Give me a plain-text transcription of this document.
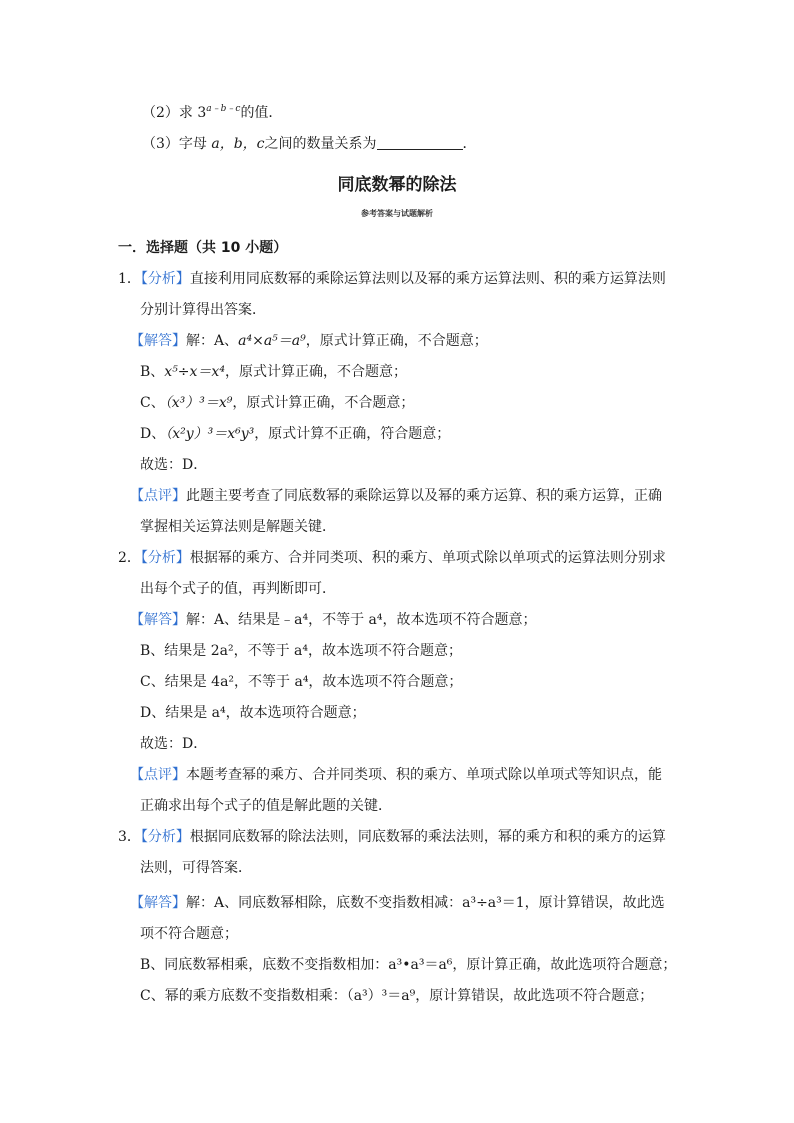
（2）求 $3^{a﹣b﹣c}$的值．
（3）字母 a，b，c之间的数量关系为	．
同底数幂的除法
参考答案与试题解析
一．选择题（共 10 小题）
1．【分析】直接利用同底数幂的乘除运算法则以及幂的乘方运算法则、积的乘方运算法则
分别计算得出答案．
【解答】解：A、a⁴×a⁵＝a⁹，原式计算正确，不合题意；
B、x⁵÷x＝x⁴，原式计算正确，不合题意；
C、（x³）³＝x⁹，原式计算正确，不合题意；
D、（x²y）³＝x⁶y³，原式计算不正确，符合题意；
故选：D．
【点评】此题主要考查了同底数幂的乘除运算以及幂的乘方运算、积的乘方运算，正确
掌握相关运算法则是解题关键．
2．【分析】根据幂的乘方、合并同类项、积的乘方、单项式除以单项式的运算法则分别求
出每个式子的值，再判断即可．
【解答】解：A、结果是﹣a⁴，不等于 a⁴，故本选项不符合题意；
B、结果是 2a²，不等于 a⁴，故本选项不符合题意；
C、结果是 4a²，不等于 a⁴，故本选项不符合题意；
D、结果是 a⁴，故本选项符合题意；
故选：D．
【点评】本题考查幂的乘方、合并同类项、积的乘方、单项式除以单项式等知识点，能
正确求出每个式子的值是解此题的关键．
3．【分析】根据同底数幂的除法法则，同底数幂的乘法法则，幂的乘方和积的乘方的运算
法则，可得答案．
【解答】解：A、同底数幂相除，底数不变指数相减：a³÷a³＝1，原计算错误，故此选
项不符合题意；
B、同底数幂相乘，底数不变指数相加：a³•a³＝a⁶，原计算正确，故此选项符合题意；
C、幂的乘方底数不变指数相乘：（a³）³＝a⁹，原计算错误，故此选项不符合题意；
